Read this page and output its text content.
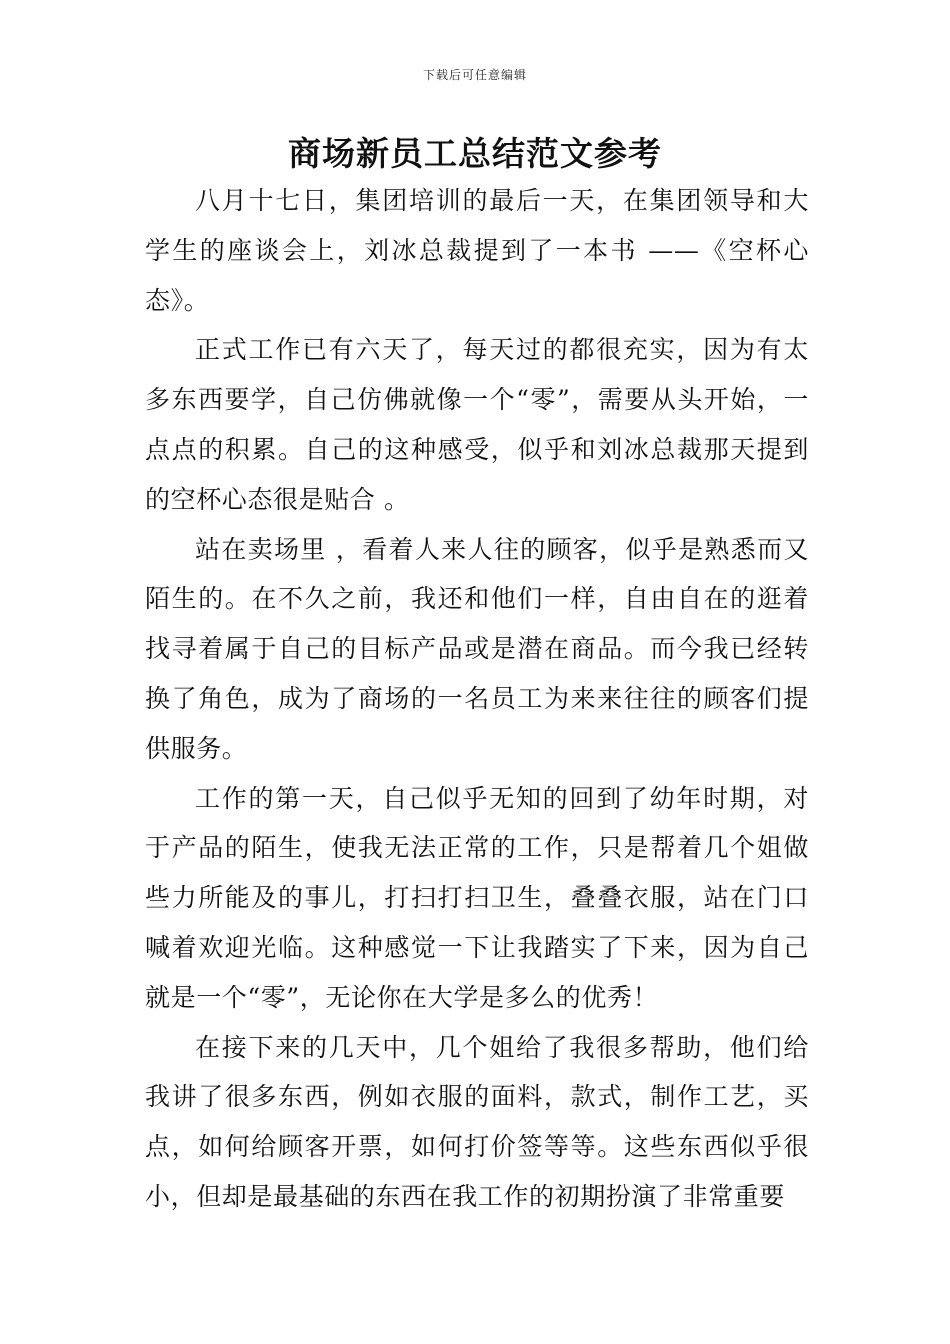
下载后可任意编辑
商场新员工总结范文参考

八月十七日，集团培训的最后一天，在集团领导和大学生的座谈会上，刘冰总裁提到了一本书 ——《空杯心态》。

正式工作已有六天了，每天过的都很充实，因为有太多东西要学，自己仿佛就像一个“零”，需要从头开始，一点点的积累。自己的这种感受，似乎和刘冰总裁那天提到的空杯心态很是贴合 。

站在卖场里 ，看着人来人往的顾客，似乎是熟悉而又陌生的。在不久之前，我还和他们一样，自由自在的逛着找寻着属于自己的目标产品或是潜在商品。而今我已经转换了角色，成为了商场的一名员工为来来往往的顾客们提供服务。

工作的第一天，自己似乎无知的回到了幼年时期，对于产品的陌生，使我无法正常的工作，只是帮着几个姐做些力所能及的事儿，打扫打扫卫生，叠叠衣服，站在门口喊着欢迎光临。这种感觉一下让我踏实了下来，因为自己就是一个“零”，无论你在大学是多么的优秀！

在接下来的几天中，几个姐给了我很多帮助，他们给我讲了很多东西，例如衣服的面料，款式，制作工艺，买点，如何给顾客开票，如何打价签等等。这些东西似乎很小，但却是最基础的东西在我工作的初期扮演了非常重要
